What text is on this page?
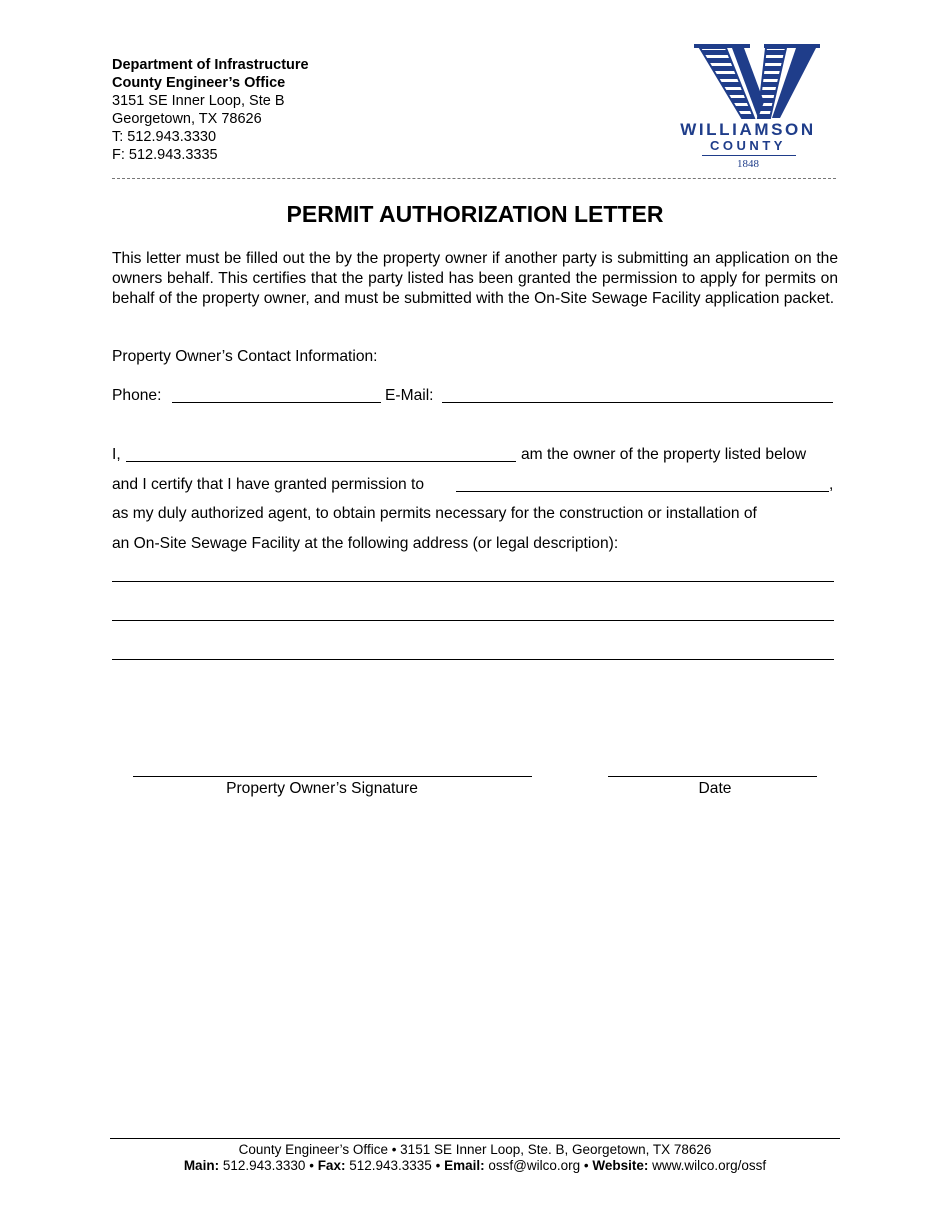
Department of Infrastructure
County Engineer’s Office
3151 SE Inner Loop, Ste B
Georgetown, TX 78626
T: 512.943.3330
F: 512.943.3335
WILLIAMSON
COUNTY
1848
PERMIT AUTHORIZATION LETTER
This letter must be filled out the by the property owner if another party is submitting an application on the owners behalf. This certifies that the party listed has been granted the permission to apply for permits on behalf of the property owner, and must be submitted with the On-Site Sewage Facility application packet.
Property Owner’s Contact Information:
Phone:	E-Mail:
I,	am the owner of the property listed below
and I certify that I have granted permission to	,
as my duly authorized agent, to obtain permits necessary for the construction or installation of
an On-Site Sewage Facility at the following address (or legal description):
Property Owner’s Signature	Date
County Engineer’s Office • 3151 SE Inner Loop, Ste. B, Georgetown, TX 78626
Main: 512.943.3330 • Fax: 512.943.3335 • Email: ossf@wilco.org • Website: www.wilco.org/ossf
